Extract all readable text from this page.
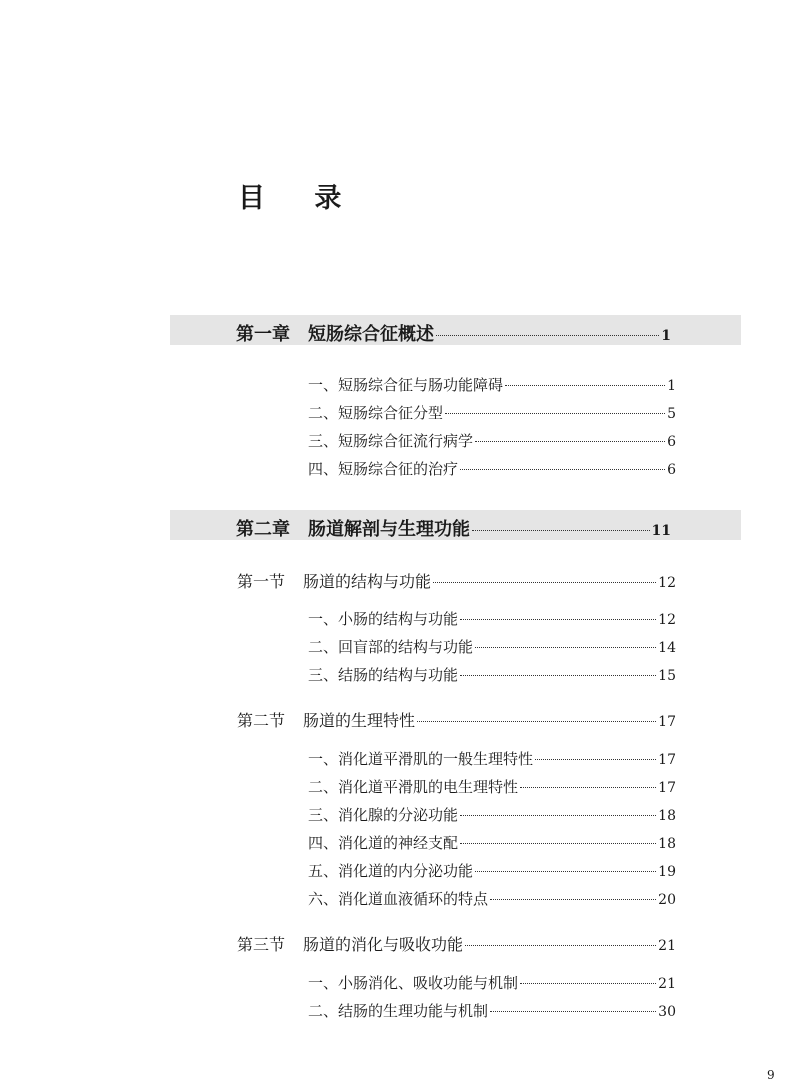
目 录
第一章 短肠综合征概述	1
一、短肠综合征与肠功能障碍	1
二、短肠综合征分型	5
三、短肠综合征流行病学	6
四、短肠综合征的治疗	6
第二章 肠道解剖与生理功能	11
第一节 肠道的结构与功能	12
一、小肠的结构与功能	12
二、回盲部的结构与功能	14
三、结肠的结构与功能	15
第二节 肠道的生理特性	17
一、消化道平滑肌的一般生理特性	17
二、消化道平滑肌的电生理特性	17
三、消化腺的分泌功能	18
四、消化道的神经支配	18
五、消化道的内分泌功能	19
六、消化道血液循环的特点	20
第三节 肠道的消化与吸收功能	21
一、小肠消化、吸收功能与机制	21
二、结肠的生理功能与机制	30
9
